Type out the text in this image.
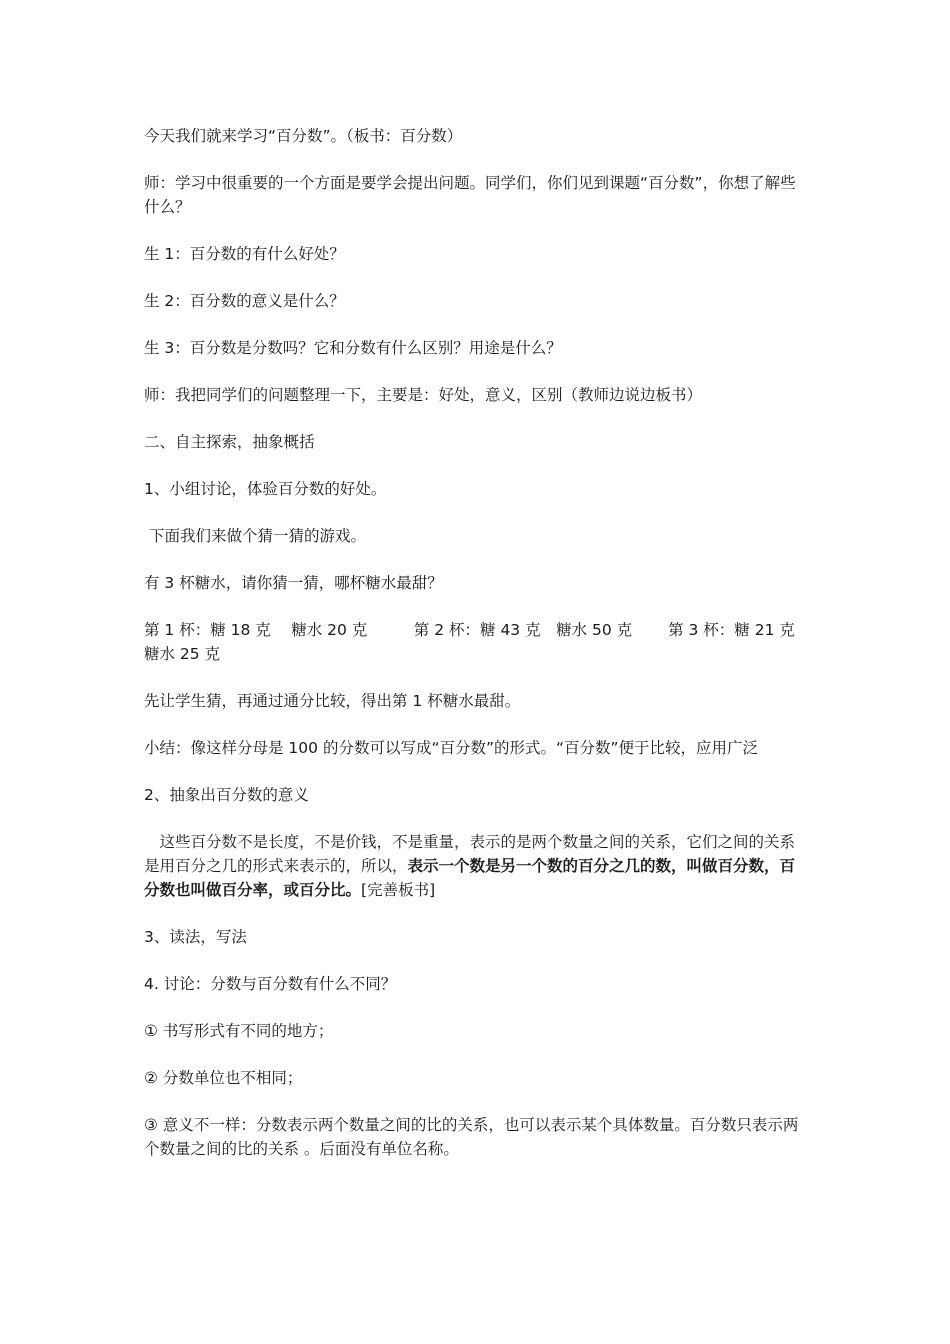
今天我们就来学习“百分数”。（板书：百分数）

师：学习中很重要的一个方面是要学会提出问题。同学们，你们见到课题“百分数”，你想了解些什么？

生 1：百分数的有什么好处？

生 2：百分数的意义是什么？

生 3：百分数是分数吗？它和分数有什么区别？用途是什么？

师：我把同学们的问题整理一下，主要是：好处，意义，区别（教师边说边板书）

二、自主探索，抽象概括

1、小组讨论，体验百分数的好处。

下面我们来做个猜一猜的游戏。

有 3 杯糖水，请你猜一猜，哪杯糖水最甜？

第 1 杯：糖 18 克　 糖水 20 克　　　第 2 杯：糖 43 克　糖水 50 克　　 第 3 杯：糖 21 克　糖水 25 克

先让学生猜，再通过通分比较，得出第 1 杯糖水最甜。

小结：像这样分母是 100 的分数可以写成“百分数”的形式。“百分数”便于比较，应用广泛

2、抽象出百分数的意义

　这些百分数不是长度，不是价钱，不是重量，表示的是两个数量之间的关系，它们之间的关系是用百分之几的形式来表示的，所以，表示一个数是另一个数的百分之几的数，叫做百分数，百分数也叫做百分率，或百分比。[完善板书]

3、读法，写法

4. 讨论：分数与百分数有什么不同？

① 书写形式有不同的地方；

② 分数单位也不相同；

③ 意义不一样：分数表示两个数量之间的比的关系，也可以表示某个具体数量。百分数只表示两个数量之间的比的关系 。后面没有单位名称。
